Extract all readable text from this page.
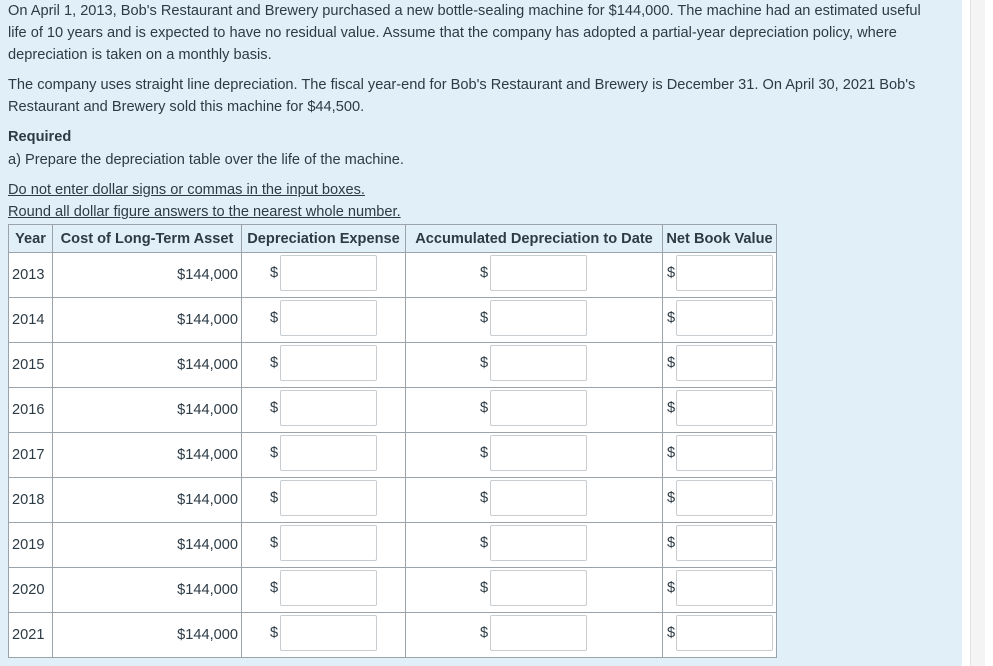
On April 1, 2013, Bob's Restaurant and Brewery purchased a new bottle-sealing machine for $144,000. The machine had an estimated useful life of 10 years and is expected to have no residual value. Assume that the company has adopted a partial-year depreciation policy, where depreciation is taken on a monthly basis.

The company uses straight line depreciation. The fiscal year-end for Bob's Restaurant and Brewery is December 31. On April 30, 2021 Bob's Restaurant and Brewery sold this machine for $44,500.

Required

a) Prepare the depreciation table over the life of the machine.

Do not enter dollar signs or commas in the input boxes.

Round all dollar figure answers to the nearest whole number.

Year	Cost of Long-Term Asset	Depreciation Expense	Accumulated Depreciation to Date	Net Book Value
2013	$144,000	$	$	$

2014	$144,000	$	$	$

2015	$144,000	$	$	$

2016	$144,000	$	$	$

2017	$144,000	$	$	$

2018	$144,000	$	$	$

2019	$144,000	$	$	$

2020	$144,000	$	$	$

2021	$144,000	$	$	$
